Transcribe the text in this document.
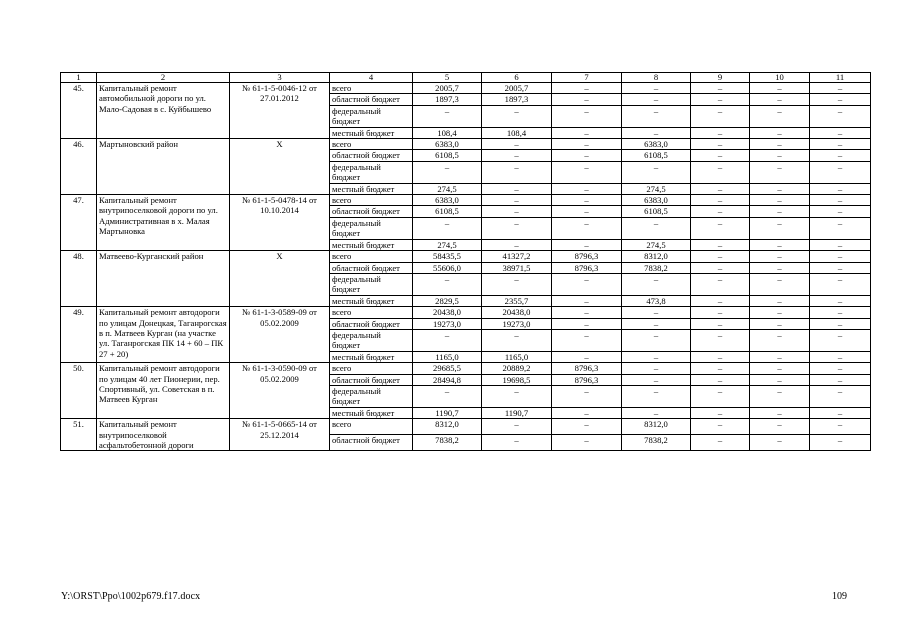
1	2	3	4	5	6	7	8	9	10	11
45.	Капитальный ремонт автомобильной дороги по ул. Мало-Садовая в с. Куйбышево	№ 61-1-5-0046-12 от 27.01.2012	всего	2005,7	2005,7	–	–	–	–	–
			областной бюджет	1897,3	1897,3	–	–	–	–	–
			федеральный бюджет	–	–	–	–	–	–	–
			местный бюджет	108,4	108,4	–	–	–	–	–
46.	Мартыновский район	Х	всего	6383,0	–	–	6383,0	–	–	–
			областной бюджет	6108,5	–	–	6108,5	–	–	–
			федеральный бюджет	–	–	–	–	–	–	–
			местный бюджет	274,5	–	–	274,5	–	–	–
47.	Капитальный ремонт внутрипоселковой дороги по ул. Административная в х. Малая Мартыновка	№ 61-1-5-0478-14 от 10.10.2014	всего	6383,0	–	–	6383,0	–	–	–
			областной бюджет	6108,5	–	–	6108,5	–	–	–
			федеральный бюджет	–	–	–	–	–	–	–
			местный бюджет	274,5	–	–	274,5	–	–	–
48.	Матвеево-Курганский район	Х	всего	58435,5	41327,2	8796,3	8312,0	–	–	–
			областной бюджет	55606,0	38971,5	8796,3	7838,2	–	–	–
			федеральный бюджет	–	–	–	–	–	–	–
			местный бюджет	2829,5	2355,7	–	473,8	–	–	–
49.	Капитальный ремонт автодороги по улицам Донецкая, Таганрогская в п. Матвеев Курган (на участке ул. Таганрогская ПК 14 + 60 – ПК 27 + 20)	№ 61-1-3-0589-09 от 05.02.2009	всего	20438,0	20438,0	–	–	–	–	–
			областной бюджет	19273,0	19273,0	–	–	–	–	–
			федеральный бюджет	–	–	–	–	–	–	–
			местный бюджет	1165,0	1165,0	–	–	–	–	–
50.	Капитальный ремонт автодороги по улицам 40 лет Пионерии, пер. Спортивный, ул. Советская в п. Матвеев Курган	№ 61-1-3-0590-09 от 05.02.2009	всего	29685,5	20889,2	8796,3	–	–	–	–
			областной бюджет	28494,8	19698,5	8796,3	–	–	–	–
			федеральный бюджет	–	–	–	–	–	–	–
			местный бюджет	1190,7	1190,7	–	–	–	–	–
51.	Капитальный ремонт внутрипоселковой асфальтобетонной дороги	№ 61-1-5-0665-14 от 25.12.2014	всего	8312,0	–	–	8312,0	–	–	–
			областной бюджет	7838,2	–	–	7838,2	–	–	–
Y:\ORST\Ppo\1002p679.f17.docx	109
